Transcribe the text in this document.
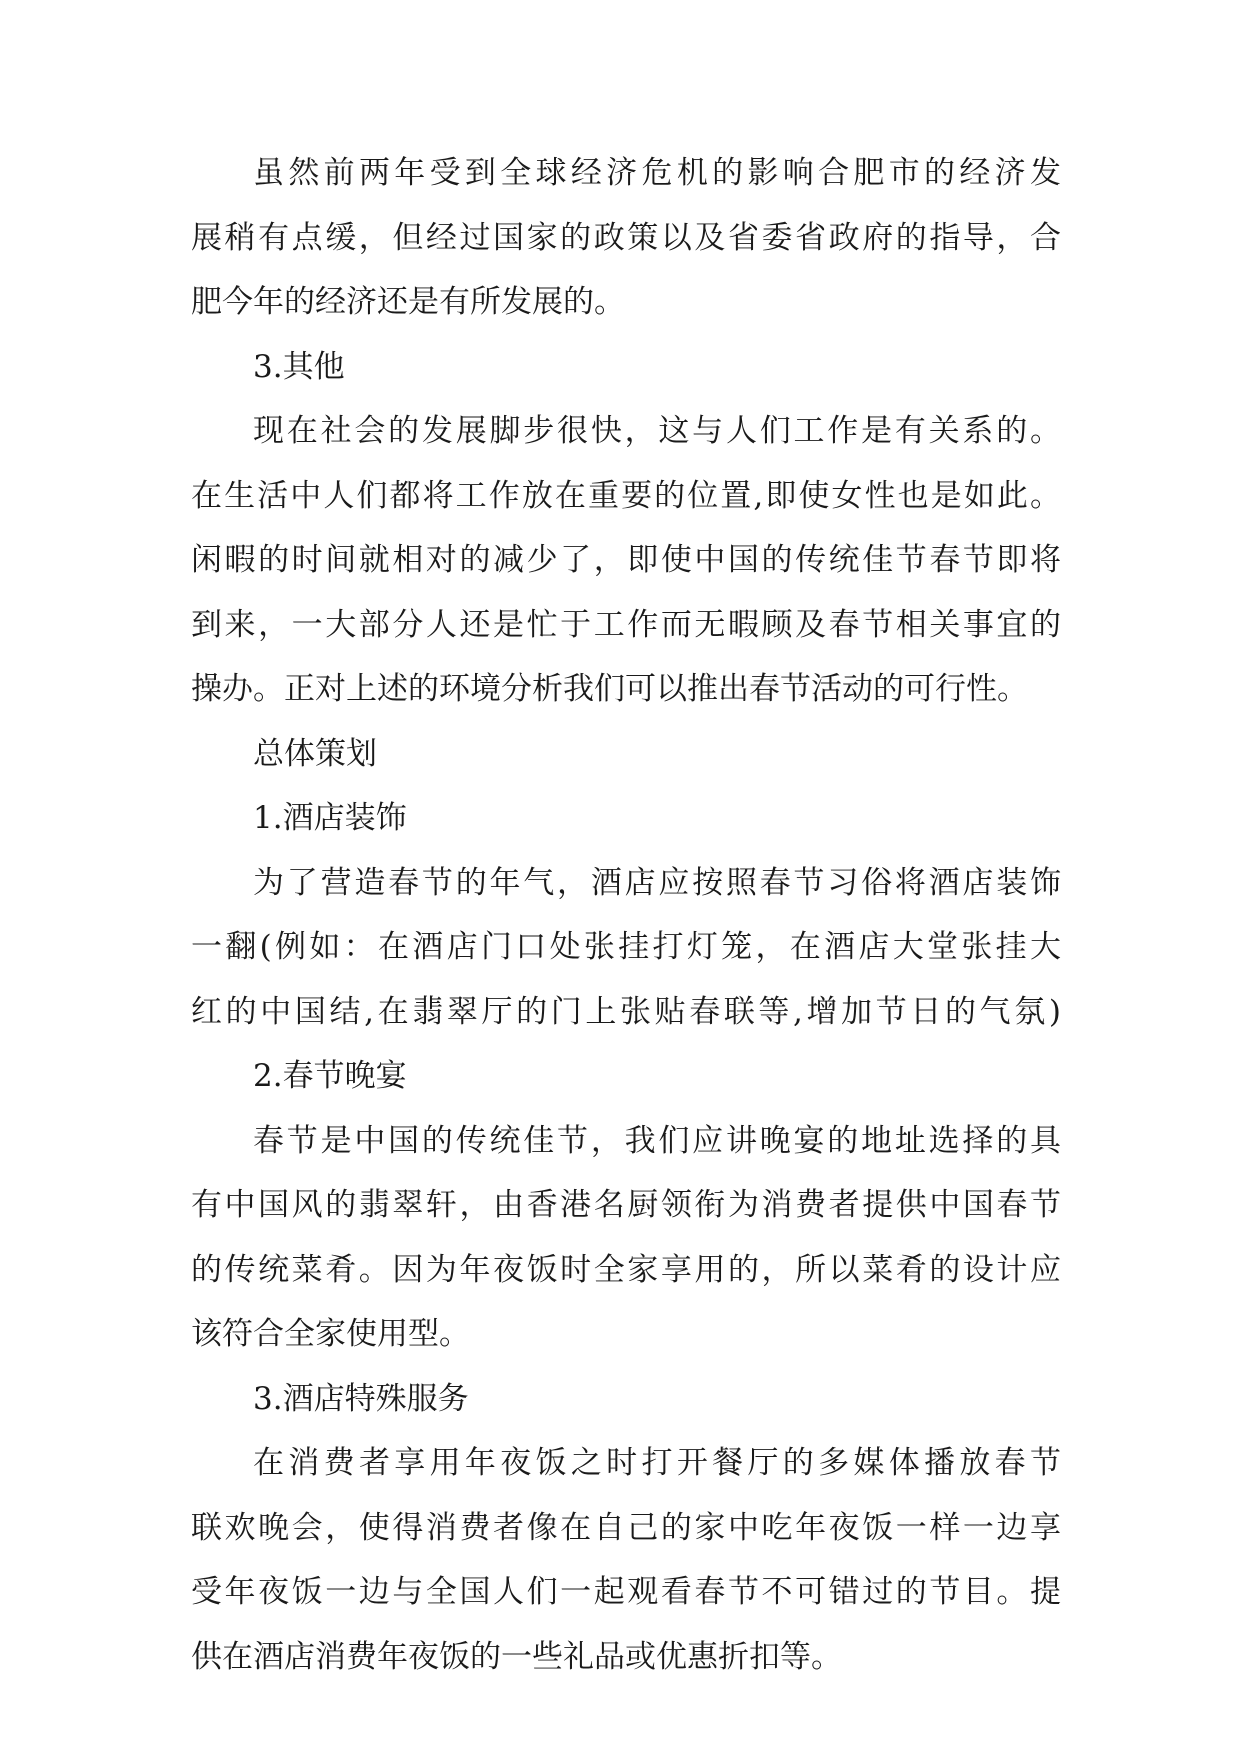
虽然前两年受到全球经济危机的影响合肥市的经济发
展稍有点缓，但经过国家的政策以及省委省政府的指导，合
肥今年的经济还是有所发展的。
3.其他
现在社会的发展脚步很快，这与人们工作是有关系的。
在生活中人们都将工作放在重要的位置,即使女性也是如此。
闲暇的时间就相对的减少了，即使中国的传统佳节春节即将
到来，一大部分人还是忙于工作而无暇顾及春节相关事宜的
操办。正对上述的环境分析我们可以推出春节活动的可行性。
总体策划
1.酒店装饰
为了营造春节的年气，酒店应按照春节习俗将酒店装饰
一翻(例如：在酒店门口处张挂打灯笼，在酒店大堂张挂大
红的中国结,在翡翠厅的门上张贴春联等,增加节日的气氛)
2.春节晚宴
春节是中国的传统佳节，我们应讲晚宴的地址选择的具
有中国风的翡翠轩，由香港名厨领衔为消费者提供中国春节
的传统菜肴。因为年夜饭时全家享用的，所以菜肴的设计应
该符合全家使用型。
3.酒店特殊服务
在消费者享用年夜饭之时打开餐厅的多媒体播放春节
联欢晚会，使得消费者像在自己的家中吃年夜饭一样一边享
受年夜饭一边与全国人们一起观看春节不可错过的节目。提
供在酒店消费年夜饭的一些礼品或优惠折扣等。
